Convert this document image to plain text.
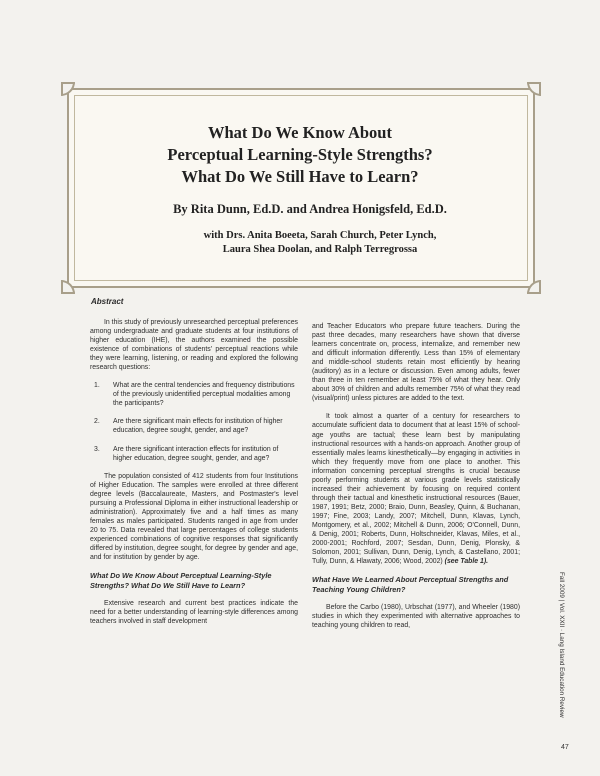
What Do We Know About
Perceptual Learning-Style Strengths?
What Do We Still Have to Learn?
By Rita Dunn, Ed.D. and Andrea Honigsfeld, Ed.D.
with Drs. Anita Boeeta, Sarah Church, Peter Lynch,
Laura Shea Doolan, and Ralph Terregrossa
Abstract

In this study of previously unresearched perceptual preferences among undergraduate and graduate students at four institutions of higher education (IHE), the authors examined the possible existence of combinations of students' perceptual reactions while they were learning, listening, or reading and explored the following research questions:

1.	What are the central tendencies and frequency distributions of the previously unidentified perceptual modalities among the participants?
2.	Are there significant main effects for institution of higher education, degree sought, gender, and age?
3.	Are there significant interaction effects for institution of higher education, degree sought, gender, and age?

The population consisted of 412 students from four Institutions of Higher Education. The samples were enrolled at three different degree levels (Baccalaureate, Masters, and Postmaster's level pursuing a Professional Diploma in either instructional leadership or administration). Approximately five and a half times as many females as males participated. Students ranged in age from under 20 to 75. Data revealed that large percentages of college students experienced combinations of cognitive responses that significantly differed by institution, degree sought, for degree by gender and age, and for institution by gender by age.

What Do We Know About Perceptual Learning-Style Strengths? What Do We Still Have to Learn?

Extensive research and current best practices indicate the need for a better understanding of learning-style differences among teachers involved in staff development

and Teacher Educators who prepare future teachers. During the past three decades, many researchers have shown that diverse learners concentrate on, process, internalize, and remember new and difficult information differently. Less than 15% of elementary and middle-school students retain most efficiently by hearing (auditory) as in a lecture or discussion. Even among adults, fewer than three in ten remember at least 75% of what they hear. Only about 30% of children and adults remember 75% of what they read (visual/print) unless pictures are added to the text.

It took almost a quarter of a century for researchers to accumulate sufficient data to document that at least 15% of school-age youths are tactual; these learn best by manipulating instructional resources with a hands-on approach. Another group of essentially males learns kinesthetically—by engaging in activities in which they frequently move from one place to another. This information concerning perceptual strengths is crucial because poorly performing students at various grade levels statistically increased their achievement by focusing on required content through their tactual and kinesthetic instructional resources (Bauer, 1987, 1991; Betz, 2000; Braio, Dunn, Beasley, Quinn, & Buchanan, 1997; Fine, 2003; Landy, 2007; Mitchell, Dunn, Klavas, Lynch, Montgomery, et al., 2002; Mitchell & Dunn, 2006; O'Connell, Dunn, & Denig, 2001; Roberts, Dunn, Holtschneider, Klavas, Miles, et al., 2000-2001; Rochford, 2007; Sesdan, Dunn, Denig, Plonsky, & Solomon, 2001; Sullivan, Dunn, Denig, Lynch, & Castellano, 2001; Tully, Dunn, & Hlawaty, 2006; Wood, 2002) (see Table 1).

What Have We Learned About Perceptual Strengths and Teaching Young Children?

Before the Carbo (1980), Urbschat (1977), and Wheeler (1980) studies in which they experimented with alternative approaches to teaching young children to read,	Fall 2009 | Vol. XXII · Lang Island Education Review
47
